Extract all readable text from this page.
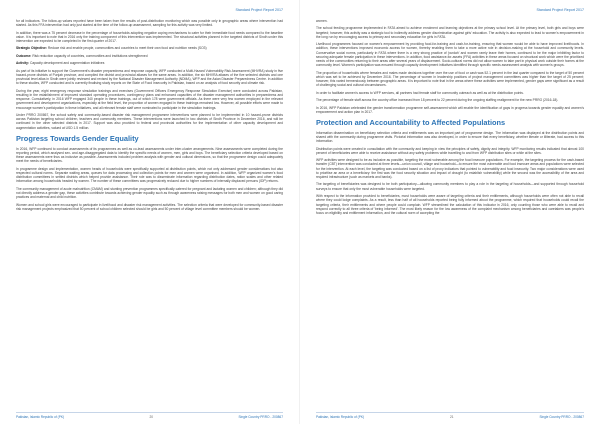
Standard Project Report 2017

for all indicators. The follow-up values reported have been taken from the results of post-distribution monitoring which was possible only in geographic areas where intervention had started. As this FFA intervention had only just started at the time of the follow-up assessment, sampling for this activity was very limited.

In addition, there was a 75 percent decrease in the percentage of households adopting negative coping mechanisms to cater for their immediate food needs compared to the baseline value. It is important to note that in 2016 only the training component of this intervention was implemented. The structural activities planned in the targeted districts of Sindh under this intervention are expected to be completed in the first quarter of 2017.

Strategic Objective: Reduce risk and enable people, communities and countries to meet their own food and nutrition needs (SO3)

Outcome: Risk reduction capacity of countries, communities and institutions strengthened

Activity: Capacity development and augmentation initiatives

As part of its initiative to support the Government's disaster preparedness and response capacity, WFP conducted a Multi-Hazard Vulnerability Risk Assessment (MHVRA) study in five hazard-prone districts of Punjab province, and compiled the district and provincial atlases for the same areas. In addition, the six MHVRA atlases of the five selected districts and one provincial level atlas in Sindh were jointly reviewed and revised by the National Disaster Management Authority (NDMA), WFP and the Asian Disaster Preparedness Centre. In addition to these studies, WFP conducted and is currently finalising study reports on the State of Food Insecurity in Pakistan, based on an analysis of food security and climate risk.

During the year, eight emergency response simulation trainings and exercises (Government Officers Emergency Response Simulation Exercise) were conducted across Pakistan, resulting in the establishment of improved standard operating procedures, contingency plans and enhanced capacities of the disaster management authorities in preparedness and response. Cumulatively, in 2016 WFP engaged 340 people in these trainings, out of which 178 were government officials. As there were very few women employed in the relevant government and development organizations, especially at the field level, the proportion of women engaged in these trainings remained low. However, all possible efforts were made to encourage women's participation in these initiatives, and all relevant female staff were nominated to participate in the simulation trainings.

Under PRRO 200867, the school safety and community-based disaster risk management programme interventions were planned to be implemented in 10 hazard-prone districts across Pakistan targeting school children, teachers and community members. These interventions were launched in two districts of Sindh Province in December 2016, and will be continued in the other selected districts in 2017. Support was also provided to federal and provincial authorities for the implementation of other capacity development and augmentation activities, valued at USD 1.5 million.

Progress Towards Gender Equality

In 2016, WFP continued to conduct assessments of its programmes as well as co-lead assessments under inter-cluster arrangements. Nine assessments were completed during the reporting period, which analysed sex- and age-disaggregated data to identify the specific needs of women, men, girls and boys. The beneficiary selection criteria developed based on these assessments were thus as inclusive as possible. Assessments included problem analysis with gender and cultural dimensions, so that the programme design could adequately meet the needs of beneficiaries.

In programme design and implementation, women heads of households were specifically supported at distribution points, which not only addressed gender considerations but also respected cultural norms. Separate waiting areas, queues for data processing and collection points for men and women were organised. In addition, WFP organized women's food distribution committees in settled districts which helped provide assistance. Their role was to disseminate information regarding distribution dates, ration scales and other related information among households headed by women. The number of these committees was progressively reduced due to higher numbers of internally displaced persons (IDP) returns.

The community management of acute malnutrition (CMAM) and stunting prevention programmes specifically catered for pregnant and lactating women and children; although they did not directly address a gender gap, these activities contribute towards achieving gender equality such as through awareness raising messages for both men and women on good caring practices and maternal and child nutrition.

Women and school girls were encouraged to participate in livelihood and disaster risk management activities. The selection criteria that were developed for community-based disaster risk management projects emphasized that 50 percent of school children selected should be girls and 50 percent of village level committee members should be women.

Pakistan, Islamic Republic of (PK)	20	Single Country PRRO - 200867
Standard Project Report 2017

women.

The school feeding programme implemented in FATA aimed to achieve enrolment and learning objectives at the primary school level. At the primary level, both girls and boys were targeted; however, this activity was a strategic tool to indirectly address gender discrimination against girls' education. The activity is also expected to lead to women's empowerment in the long run by encouraging access to primary and secondary education for girls in FATA.

Livelihood programmes focused on women's empowerment by providing food-for-training and cash-for-training, ensuring that women would be able to have improved livelihoods. In addition, these interventions improved economic access for women, thereby enabling them to take a more active role in decision-making at the household and community levels. Conservative social norms, particularly in FATA where there is a very strong practice of 'purdah' and women rarely leave their homes, continued to be the major inhibiting factor to securing adequate female participation in these interventions. In addition, food assistance-for-assets (FFA) activities in these areas focused on structural work which were the prioritized needs of the communities returning to their areas after several years of displacement. Socio-cultural norms did not allow women to take part in physical work outside their homes at the community level. Women's participation was ensured through capacity development initiatives identified through specific needs assessment analysis with women's groups.

The proportion of households where females and males made decisions together over the use of food or cash was 52.1 percent in the last quarter compared to the target of 50 percent which was set to be achieved by December 2016. The percentage of women in leadership positions of project management committees was higher than the target of 25 percent; however, this varied tremendously between geographic areas. It is important to note that in the areas where these activities were implemented, gender gaps were significant as a result of challenging social and cultural circumstances.

In order to facilitate women's access to WFP services, all partners had female staff for community outreach as well as at the distribution points.

The percentage of female staff across the country office increased from 18 percent to 22 percent during the ongoing staffing realignment for the new PRRO (2016-18).

In 2016, WFP Pakistan celebrated the gender transformation programme self-assessment which will enable the identification of gaps in progress towards gender equality and women's empowerment and action plan in 2017.

Protection and Accountability to Affected Populations

Information dissemination on beneficiary selection criteria and entitlements was an important part of programme design. The information was displayed at the distribution points and shared with the community during programme visits. Pictorial information was also developed, in order to ensure that every beneficiary, whether literate or illiterate, had access to this information.

Distribution points were created in consultation with the community and keeping in view the principles of safety, dignity and integrity. WFP monitoring results indicated that almost 100 percent of beneficiaries were able to receive assistance without any safety problems while travelling to and from WFP distribution sites or while at the sites.

WFP activities were designed to be as inclusive as possible, targeting the most vulnerable among the food insecure populations. For example, the targeting process for the cash-based transfer (CBT) intervention was conducted at three levels—union council, village and household—to ensure the most vulnerable and food insecure areas and populations were selected for the intervention. At each level, the targeting was conducted based on a list of proxy indicators that pointed to vulnerability and food insecurity. Two major considerations were used to prioritise an area or a beneficiary: the first was the food security situation and impact of drought (to establish vulnerability) while the second was the accessibility of the area and required infrastructure (such as markets and banks).

The targeting of beneficiaries was designed to be both participatory—allowing community members to play a role in the targeting of households—and supported through household surveys to ensure that only the most vulnerable households were targeted.

With respect to the information provided to beneficiaries, most households were aware of targeting criteria and their entitlements, although households were often not able to recall where they could lodge complaints. As a result, less than half of all households reported being fully informed about the programme, which required that households could recall the targeting criteria, their entitlements and where people could complain. WFP streamlined the calculation of this indicator in 2016, only counting those who were able to recall and respond correctly to all three criteria of 'being informed'. The most likely reason for the low awareness of the complaint mechanism among beneficiaries and caretakers was people's focus on eligibility and entitlement information, and the cultural norm of accepting the

Pakistan, Islamic Republic of (PK)	21	Single Country PRRO - 200867
